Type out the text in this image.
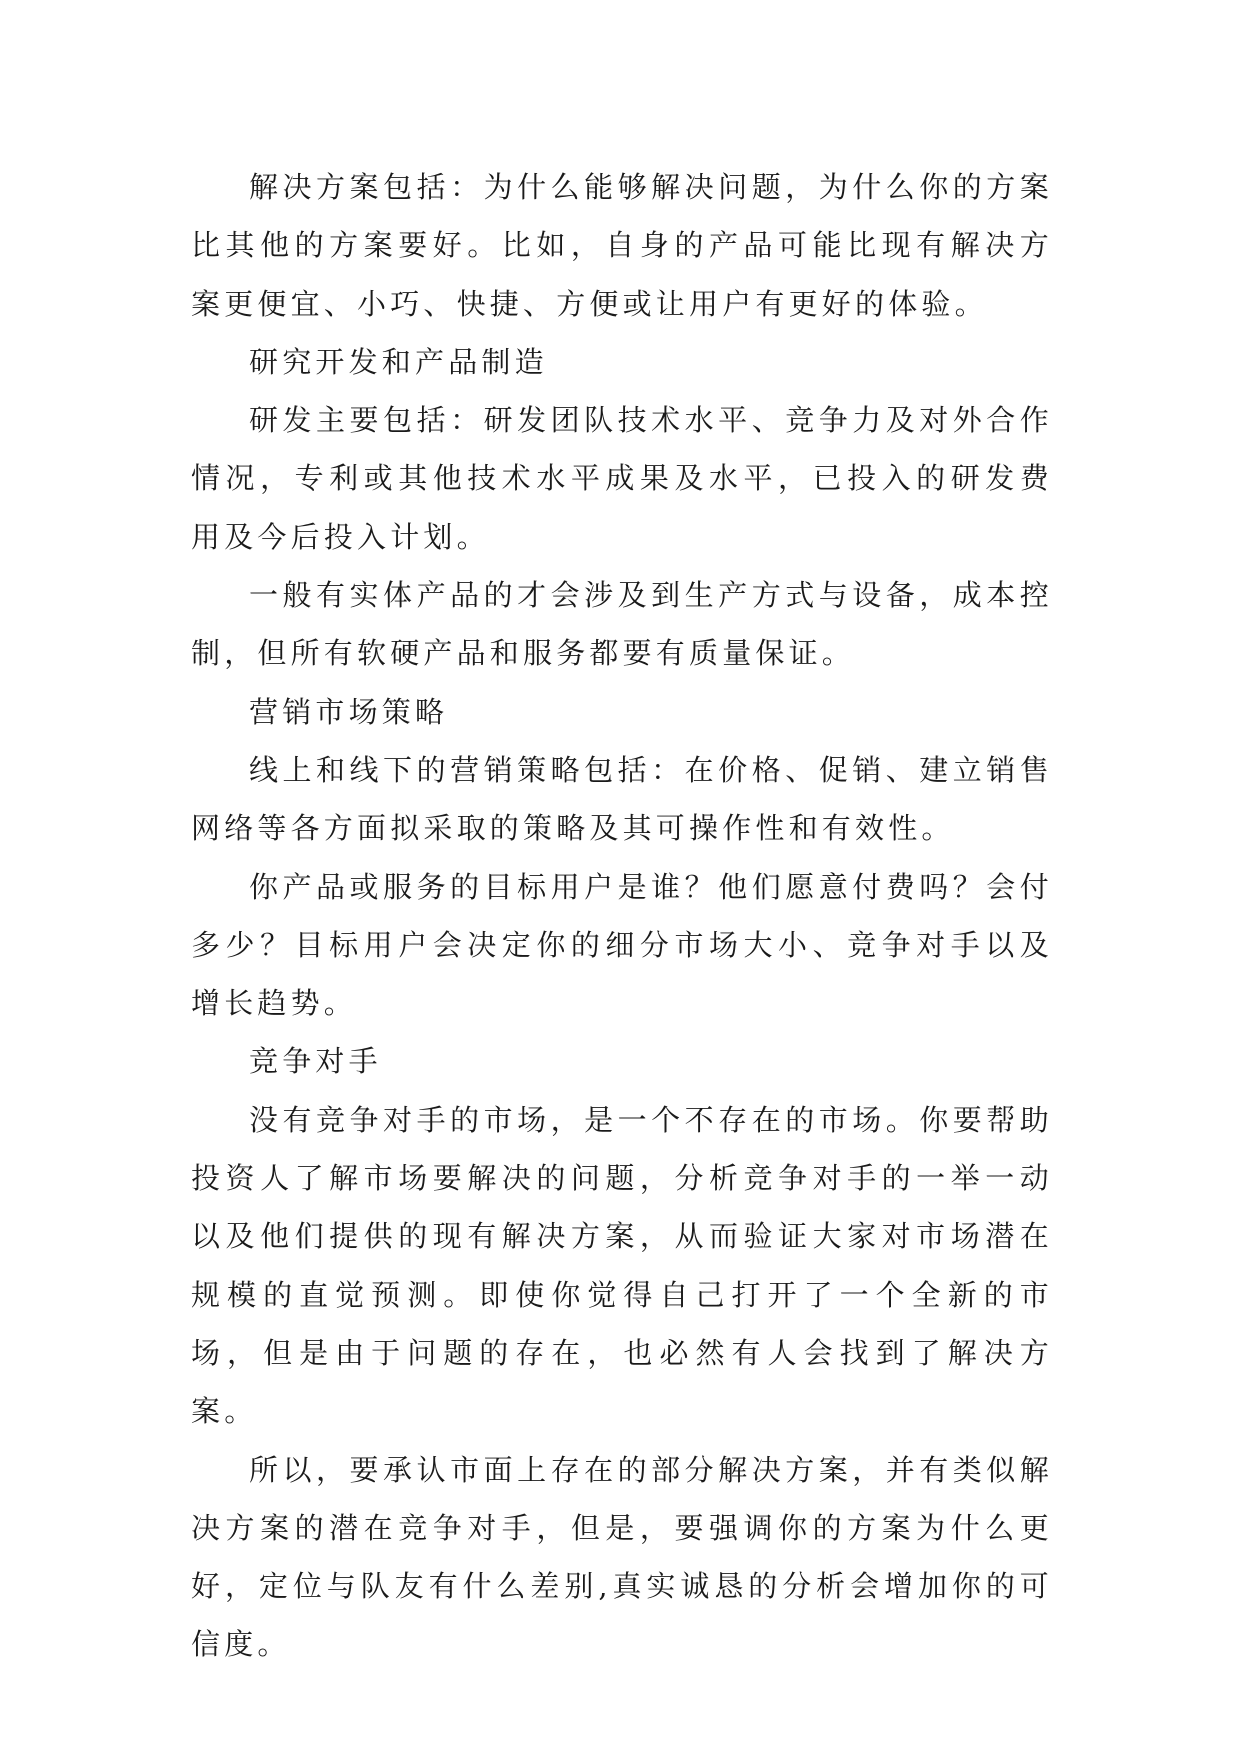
解决方案包括：为什么能够解决问题，为什么你的方案比其他的方案要好。比如，自身的产品可能比现有解决方案更便宜、小巧、快捷、方便或让用户有更好的体验。

研究开发和产品制造

研发主要包括：研发团队技术水平、竞争力及对外合作情况，专利或其他技术水平成果及水平，已投入的研发费用及今后投入计划。

一般有实体产品的才会涉及到生产方式与设备，成本控制，但所有软硬产品和服务都要有质量保证。

营销市场策略

线上和线下的营销策略包括：在价格、促销、建立销售网络等各方面拟采取的策略及其可操作性和有效性。

你产品或服务的目标用户是谁？他们愿意付费吗？会付多少？目标用户会决定你的细分市场大小、竞争对手以及增长趋势。

竞争对手

没有竞争对手的市场，是一个不存在的市场。你要帮助投资人了解市场要解决的问题，分析竞争对手的一举一动以及他们提供的现有解决方案，从而验证大家对市场潜在规模的直觉预测。即使你觉得自己打开了一个全新的市场，但是由于问题的存在，也必然有人会找到了解决方案。

所以，要承认市面上存在的部分解决方案，并有类似解决方案的潜在竞争对手，但是，要强调你的方案为什么更好，定位与队友有什么差别,真实诚恳的分析会增加你的可信度。
